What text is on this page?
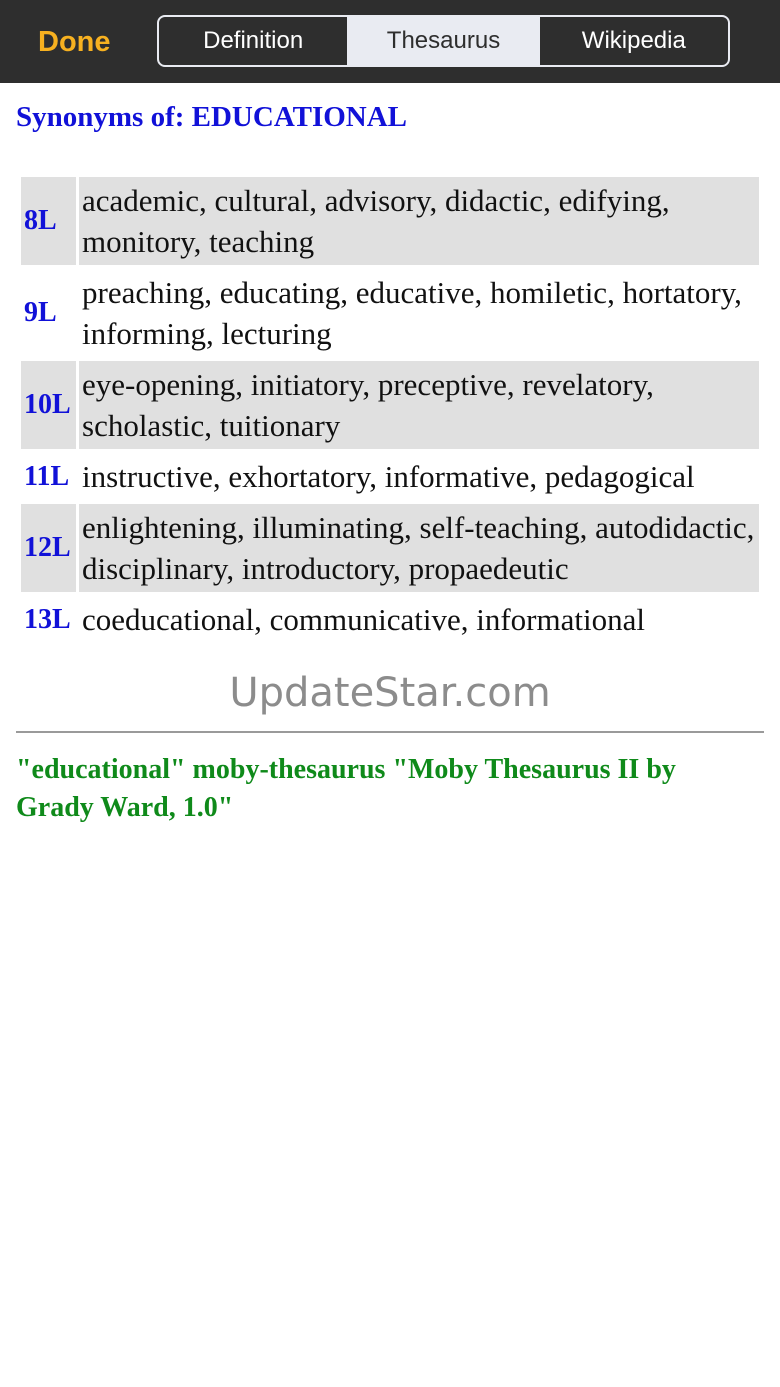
Done	Definition	Thesaurus	Wikipedia
Synonyms of: EDUCATIONAL
8L	academic, cultural, advisory, didactic, edifying, monitory, teaching

9L	preaching, educating, educative, homiletic, hortatory, informing, lecturing

10L	eye-opening, initiatory, preceptive, revelatory, scholastic, tuitionary

11L	instructive, exhortatory, informative, pedagogical

12L	enlightening, illuminating, self-teaching, autodidactic, disciplinary, introductory, propaedeutic

13L	coeducational, communicative, informational
UpdateStar.com
"educational" moby-thesaurus "Moby Thesaurus II by Grady Ward, 1.0"
